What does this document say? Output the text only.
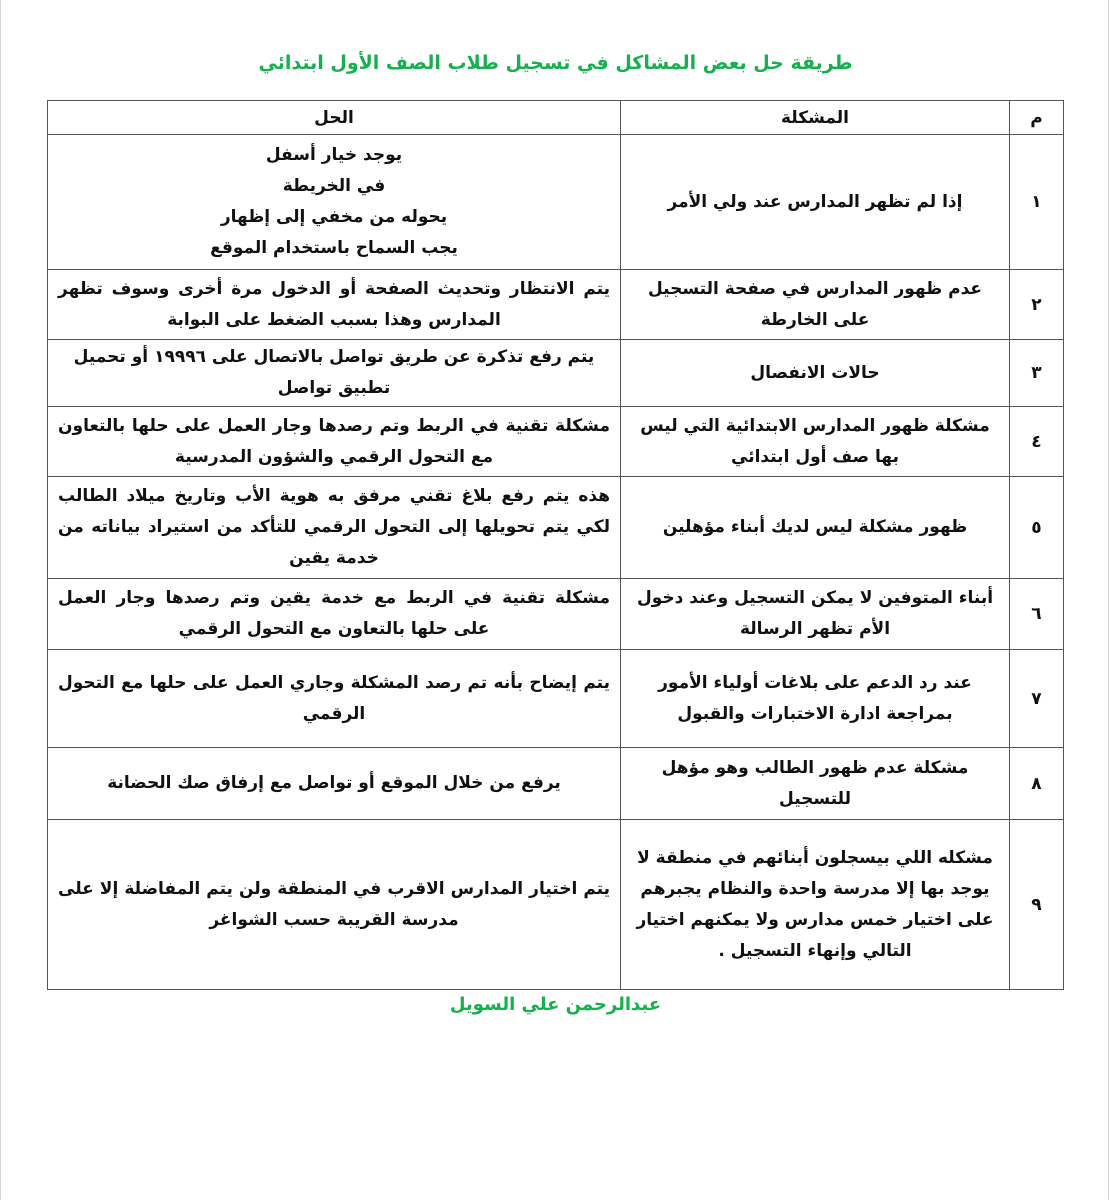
طريقة حل بعض المشاكل في تسجيل طلاب الصف الأول ابتدائي
م	المشكلة	الحل
١	إذا لم تظهر المدارس عند ولي الأمر	يوجد خيار أسفل
في الخريطة
يحوله من مخفي إلى إظهار
يجب السماح باستخدام الموقع

٢	عدم ظهور المدارس في صفحة التسجيل على الخارطة	يتم الانتظار وتحديث الصفحة أو الدخول مرة أخرى وسوف تظهر المدارس وهذا بسبب الضغط على البوابة
٣	حالات الانفصال	يتم رفع تذكرة عن طريق تواصل بالاتصال على ١٩٩٩٦ أو تحميل تطبيق تواصل
٤	مشكلة ظهور المدارس الابتدائية التي ليس بها صف أول ابتدائي	مشكلة تقنية في الربط وتم رصدها وجار العمل على حلها بالتعاون مع التحول الرقمي والشؤون المدرسية
٥	ظهور مشكلة ليس لديك أبناء مؤهلين	هذه يتم رفع بلاغ تقني مرفق به هوية الأب وتاريخ ميلاد الطالب لكي يتم تحويلها إلى التحول الرقمي للتأكد من استيراد بياناته من خدمة يقين
٦	أبناء المتوفين لا يمكن التسجيل وعند دخول الأم تظهر الرسالة	مشكلة تقنية في الربط مع خدمة يقين وتم رصدها وجار العمل على حلها بالتعاون مع التحول الرقمي
٧	عند رد الدعم على بلاغات أولياء الأمور بمراجعة ادارة الاختبارات والقبول	يتم إيضاح بأنه تم رصد المشكلة وجاري العمل على حلها مع التحول الرقمي
٨	مشكلة عدم ظهور الطالب وهو مؤهل للتسجيل	يرفع من خلال الموقع أو تواصل مع إرفاق صك الحضانة
٩	مشكله اللي بيسجلون أبنائهم في منطقة لا يوجد بها إلا مدرسة واحدة والنظام يجبرهم على اختيار خمس مدارس ولا يمكنهم اختيار التالي وإنهاء التسجيل .	يتم اختيار المدارس الاقرب في المنطقة ولن يتم المفاضلة إلا على مدرسة القريبة حسب الشواغر
عبدالرحمن علي السويل
